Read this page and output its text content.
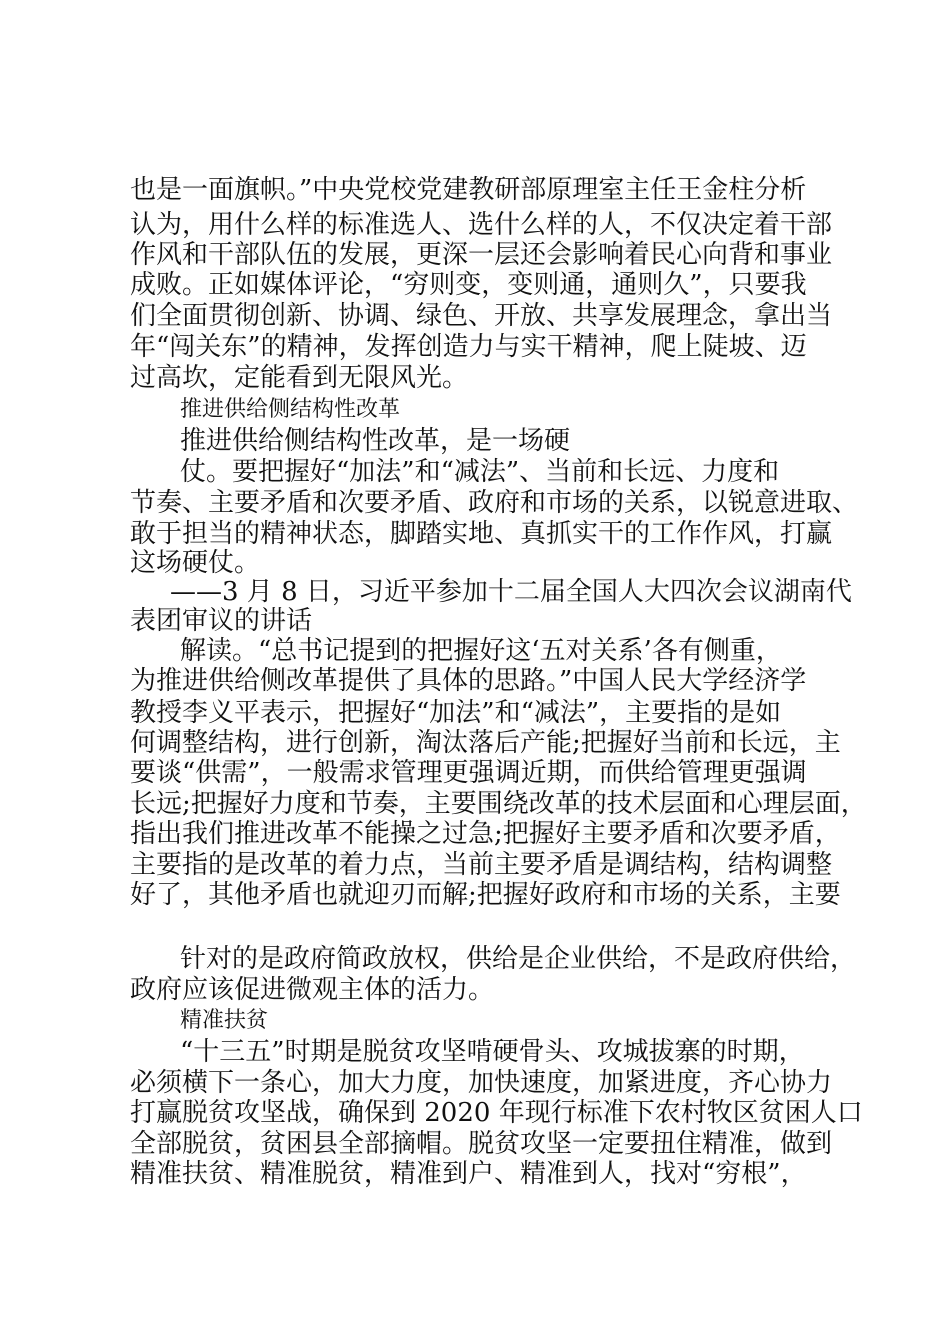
也是一面旗帜。”中央党校党建教研部原理室主任王金柱分析
认为，用什么样的标准选人、选什么样的人，不仅决定着干部
作风和干部队伍的发展，更深一层还会影响着民心向背和事业
成败。正如媒体评论，“穷则变，变则通，通则久”，只要我
们全面贯彻创新、协调、绿色、开放、共享发展理念，拿出当
年“闯关东”的精神，发挥创造力与实干精神，爬上陡坡、迈
过高坎，定能看到无限风光。
推进供给侧结构性改革
推进供给侧结构性改革，是一场硬
仗。要把握好“加法”和“减法”、当前和长远、力度和
节奏、主要矛盾和次要矛盾、政府和市场的关系，以锐意进取、
敢于担当的精神状态，脚踏实地、真抓实干的工作作风，打赢
这场硬仗。
——3 月 8 日，习近平参加十二届全国人大四次会议湖南代
表团审议的讲话
解读。“总书记提到的把握好这‘五对关系’各有侧重，
为推进供给侧改革提供了具体的思路。”中国人民大学经济学
教授李义平表示，把握好“加法”和“减法”，主要指的是如
何调整结构，进行创新，淘汰落后产能;把握好当前和长远，主
要谈“供需”，一般需求管理更强调近期，而供给管理更强调
长远;把握好力度和节奏，主要围绕改革的技术层面和心理层面，
指出我们推进改革不能操之过急;把握好主要矛盾和次要矛盾，
主要指的是改革的着力点，当前主要矛盾是调结构，结构调整
好了，其他矛盾也就迎刃而解;把握好政府和市场的关系，主要
针对的是政府简政放权，供给是企业供给，不是政府供给，
政府应该促进微观主体的活力。
精准扶贫
“十三五”时期是脱贫攻坚啃硬骨头、攻城拔寨的时期，
必须横下一条心，加大力度，加快速度，加紧进度，齐心协力
打赢脱贫攻坚战，确保到 2020 年现行标准下农村牧区贫困人口
全部脱贫，贫困县全部摘帽。脱贫攻坚一定要扭住精准，做到
精准扶贫、精准脱贫，精准到户、精准到人，找对“穷根”，
